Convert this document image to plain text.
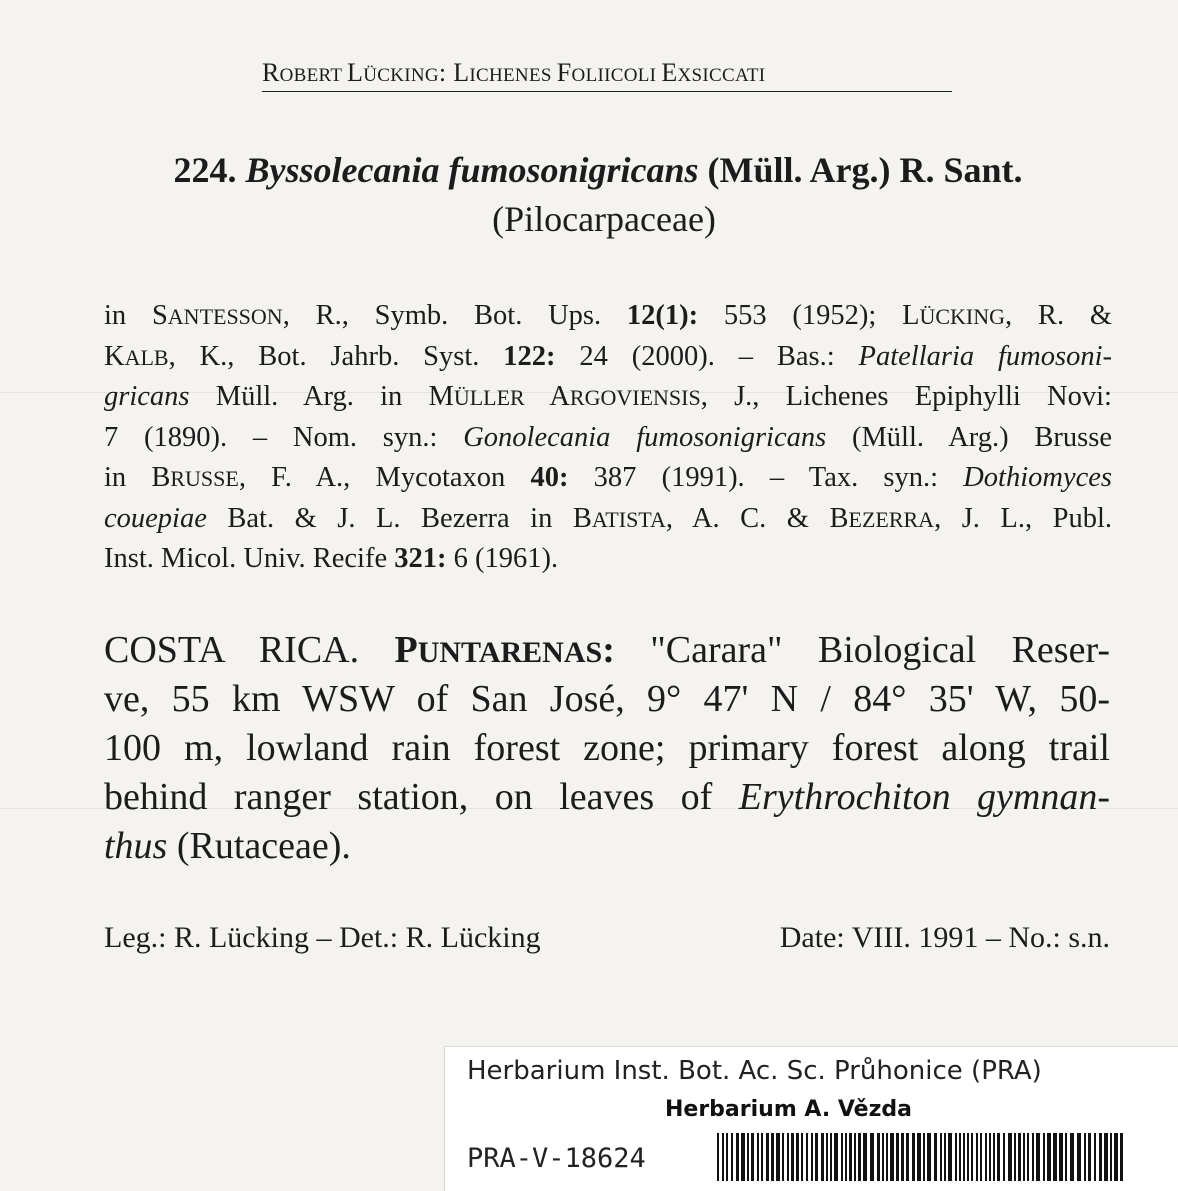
ROBERT LÜCKING: LICHENES FOLIICOLI EXSICCATI
224. Byssolecania fumosonigricans (Müll. Arg.) R. Sant.
(Pilocarpaceae)
in SANTESSON, R., Symb. Bot. Ups. 12(1): 553 (1952); LÜCKING, R. &
KALB, K., Bot. Jahrb. Syst. 122: 24 (2000). – Bas.: Patellaria fumosoni-
gricans Müll. Arg. in MÜLLER ARGOVIENSIS, J., Lichenes Epiphylli Novi:
7 (1890). – Nom. syn.: Gonolecania fumosonigricans (Müll. Arg.) Brusse
in BRUSSE, F. A., Mycotaxon 40: 387 (1991). – Tax. syn.: Dothiomyces
couepiae Bat. & J. L. Bezerra in BATISTA, A. C. & BEZERRA, J. L., Publ.
Inst. Micol. Univ. Recife 321: 6 (1961).
COSTA RICA. PUNTARENAS: "Carara" Biological Reser-
ve, 55 km WSW of San José, 9° 47' N / 84° 35' W, 50-
100 m, lowland rain forest zone; primary forest along trail
behind ranger station, on leaves of Erythrochiton gymnan-
thus (Rutaceae).
Leg.: R. Lücking – Det.: R. Lücking	Date: VIII. 1991 – No.: s.n.
Herbarium Inst. Bot. Ac. Sc. Průhonice (PRA)
Herbarium A. Vězda
PRA-V-18624
